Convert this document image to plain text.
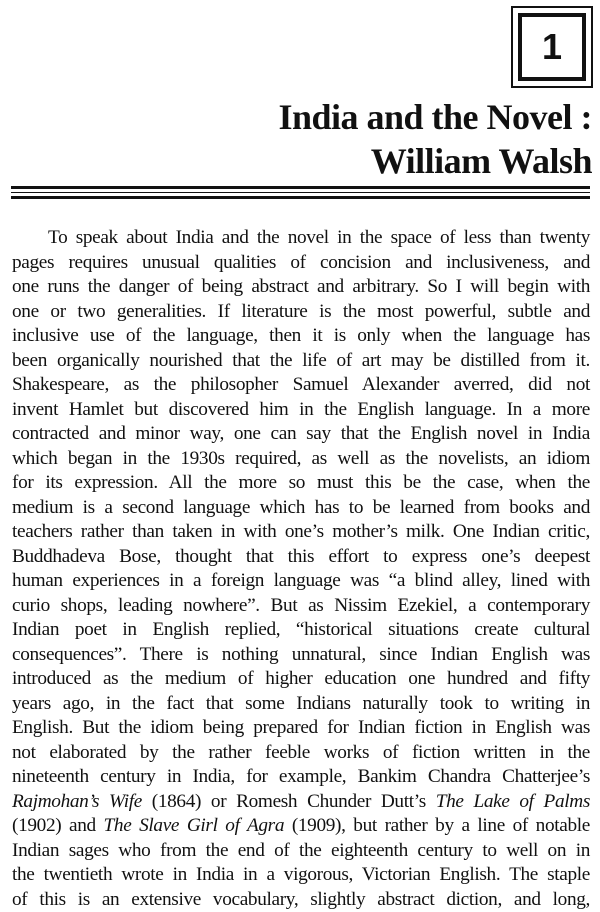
1
India and the Novel :
William Walsh
To speak about India and the novel in the space of less than twenty
pages requires unusual qualities of concision and inclusiveness, and
one runs the danger of being abstract and arbitrary. So I will begin with
one or two generalities. If literature is the most powerful, subtle and
inclusive use of the language, then it is only when the language has
been organically nourished that the life of art may be distilled from it.
Shakespeare, as the philosopher Samuel Alexander averred, did not
invent Hamlet but discovered him in the English language. In a more
contracted and minor way, one can say that the English novel in India
which began in the 1930s required, as well as the novelists, an idiom
for its expression. All the more so must this be the case, when the
medium is a second language which has to be learned from books and
teachers rather than taken in with one’s mother’s milk. One Indian critic,
Buddhadeva Bose, thought that this effort to express one’s deepest
human experiences in a foreign language was “a blind alley, lined with
curio shops, leading nowhere”. But as Nissim Ezekiel, a contemporary
Indian poet in English replied, “historical situations create cultural
consequences”. There is nothing unnatural, since Indian English was
introduced as the medium of higher education one hundred and fifty
years ago, in the fact that some Indians naturally took to writing in
English. But the idiom being prepared for Indian fiction in English was
not elaborated by the rather feeble works of fiction written in the
nineteenth century in India, for example, Bankim Chandra Chatterjee’s
Rajmohan’s Wife (1864) or Romesh Chunder Dutt’s The Lake of Palms
(1902) and The Slave Girl of Agra (1909), but rather by a line of notable
Indian sages who from the end of the eighteenth century to well on in
the twentieth wrote in India in a vigorous, Victorian English. The staple
of this is an extensive vocabulary, slightly abstract diction, and long,
